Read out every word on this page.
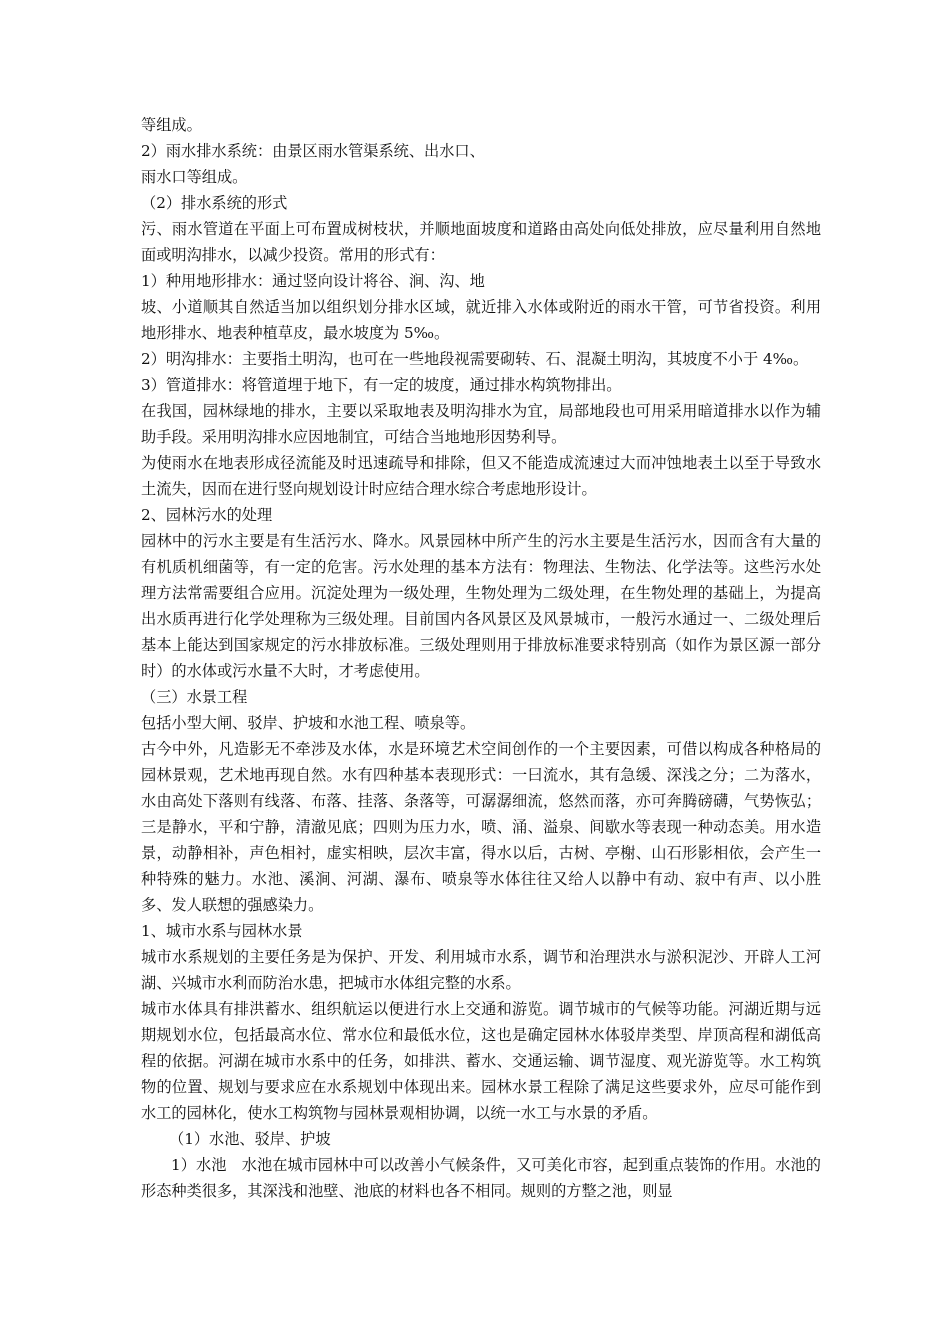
等组成。

2）雨水排水系统：由景区雨水管渠系统、出水口、

雨水口等组成。

（2）排水系统的形式

污、雨水管道在平面上可布置成树枝状，并顺地面坡度和道路由高处向低处排放，应尽量利用自然地面或明沟排水，以减少投资。常用的形式有：

1）种用地形排水：通过竖向设计将谷、涧、沟、地

坡、小道顺其自然适当加以组织划分排水区域，就近排入水体或附近的雨水干管，可节省投资。利用地形排水、地表种植草皮，最水坡度为 5‰。

2）明沟排水：主要指土明沟，也可在一些地段视需要砌转、石、混凝土明沟，其坡度不小于 4‰。

3）管道排水：将管道埋于地下，有一定的坡度，通过排水构筑物排出。

在我国，园林绿地的排水，主要以采取地表及明沟排水为宜，局部地段也可用采用暗道排水以作为辅助手段。采用明沟排水应因地制宜，可结合当地地形因势利导。

为使雨水在地表形成径流能及时迅速疏导和排除，但又不能造成流速过大而冲蚀地表土以至于导致水土流失，因而在进行竖向规划设计时应结合理水综合考虑地形设计。

2、园林污水的处理

园林中的污水主要是有生活污水、降水。风景园林中所产生的污水主要是生活污水，因而含有大量的有机质机细菌等，有一定的危害。污水处理的基本方法有：物理法、生物法、化学法等。这些污水处理方法常需要组合应用。沉淀处理为一级处理，生物处理为二级处理，在生物处理的基础上，为提高出水质再进行化学处理称为三级处理。目前国内各风景区及风景城市，一般污水通过一、二级处理后基本上能达到国家规定的污水排放标准。三级处理则用于排放标准要求特别高（如作为景区源一部分时）的水体或污水量不大时，才考虑使用。

（三）水景工程

包括小型大闸、驳岸、护坡和水池工程、喷泉等。

古今中外，凡造影无不牵涉及水体，水是环境艺术空间创作的一个主要因素，可借以构成各种格局的园林景观，艺术地再现自然。水有四种基本表现形式：一曰流水，其有急缓、深浅之分；二为落水，水由高处下落则有线落、布落、挂落、条落等，可潺潺细流，悠然而落，亦可奔腾磅礴，气势恢弘；三是静水，平和宁静，清澈见底；四则为压力水，喷、涌、溢泉、间歇水等表现一种动态美。用水造景，动静相补，声色相衬，虚实相映，层次丰富，得水以后，古树、亭榭、山石形影相依，会产生一种特殊的魅力。水池、溪涧、河湖、瀑布、喷泉等水体往往又给人以静中有动、寂中有声、以小胜多、发人联想的强感染力。

1、城市水系与园林水景

城市水系规划的主要任务是为保护、开发、利用城市水系，调节和治理洪水与淤积泥沙、开辟人工河湖、兴城市水利而防治水患，把城市水体组完整的水系。

城市水体具有排洪蓄水、组织航运以便进行水上交通和游览。调节城市的气候等功能。河湖近期与远期规划水位，包括最高水位、常水位和最低水位，这也是确定园林水体驳岸类型、岸顶高程和湖低高程的依据。河湖在城市水系中的任务，如排洪、蓄水、交通运输、调节湿度、观光游览等。水工构筑物的位置、规划与要求应在水系规划中体现出来。园林水景工程除了满足这些要求外，应尽可能作到水工的园林化，使水工构筑物与园林景观相协调，以统一水工与水景的矛盾。

（1）水池、驳岸、护坡

1）水池　水池在城市园林中可以改善小气候条件，又可美化市容，起到重点装饰的作用。水池的形态种类很多，其深浅和池壁、池底的材料也各不相同。规则的方整之池，则显
